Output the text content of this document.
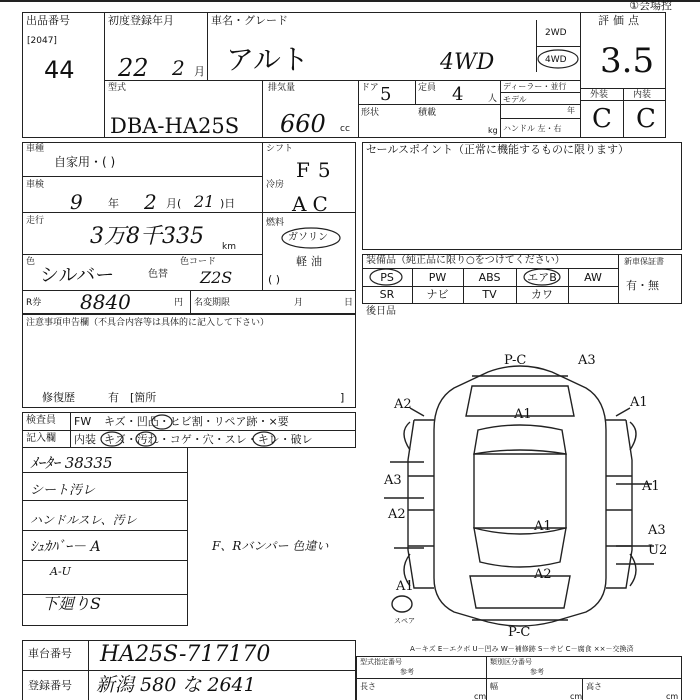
①会場控
出品番号
[2047]
44
初度登録年月
22 2 月
車名・グレード
アルト	4WD
2WD
4WD
評価点
3.5
外装	内装
C C
型式
DBA-HA25S
排気量
660 cc
ドア 5	定員 4	人
形状	積載
kg
ディーラー・並行
モデル
年
ハンドル 左・右
車種
自家用・( )
シフト
F5
車検
9 年 2 月( 21 )日
冷房
AC
走行
3万8千335 km
燃料
ガソリン
軽油
( )
色
シルバー	色替
色コード
Z2S
R券 8840	円 名変期限	月	日
注意事項申告欄（不具合内容等は具体的に記入して下さい）
修復歴	有 [箇所	]
検査員
記入欄
FW キズ・凹凸・ヒビ割・リペア跡・×要
内装 キズ・汚れ・コゲ・穴・スレ・キレ・破レ
ﾒｰﾀｰ 38335
シート汚レ
ハンドルスレ、汚レ
ｼｭｶﾊﾞｰ－ A
A-U
下廻りS
F、Rバンパー 色違い
セールスポイント（正常に機能するものに限ります）
装備品（純正品に限り○をつけてください）
PS	PW	ABS	エアB	AW
SR	ナビ	TV	カワ
新車保証書
有・無
後日品
P-C	A3
A2
A1
A1
A1
A3
A1
A2
A3
U2
A1
A2
P-C
スペア
A－キズ E－エクボ U－凹み W－補修跡 S－サビ C－腐食 ××－交換済
車台番号 HA25S-717170
登録番号 新潟 580 な 2641
型式指定番号
参考
類別区分番号
参考
長さ
cm
幅
cm
高さ
cm
